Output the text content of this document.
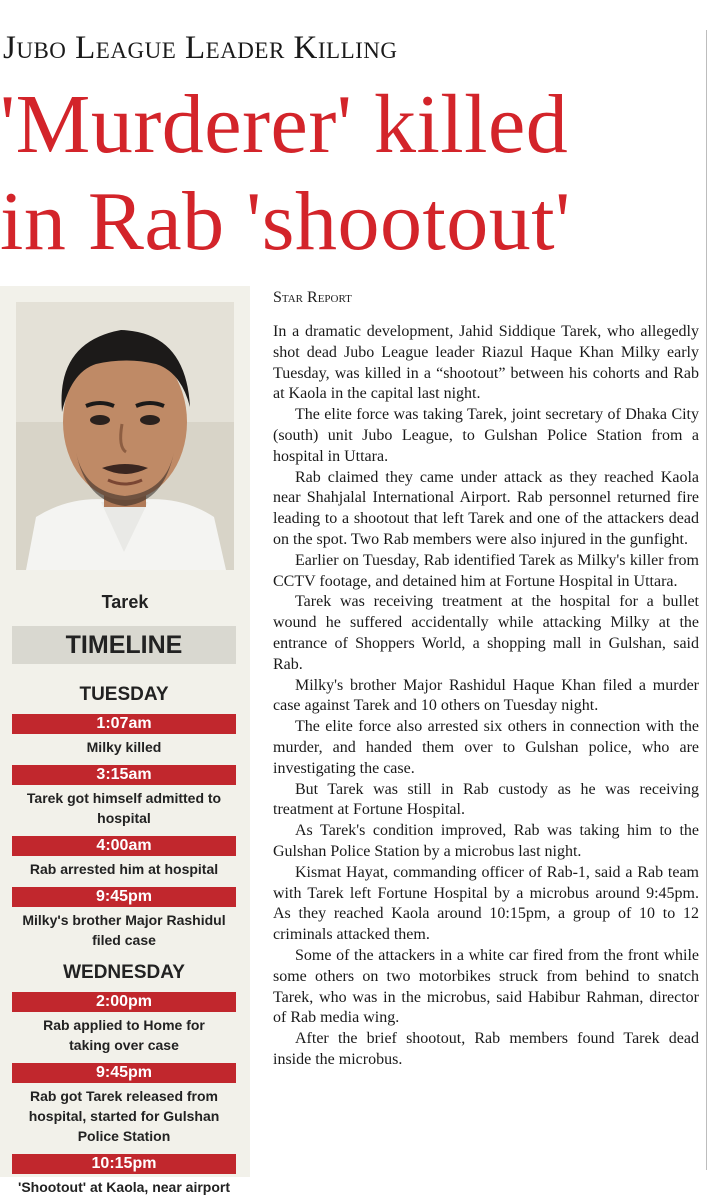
Jubo League Leader Killing
'Murderer' killed
in Rab 'shootout'
Tarek
TIMELINE
TUESDAY
1:07am
Milky killed
3:15am
Tarek got himself admitted to hospital
4:00am
Rab arrested him at hospital
9:45pm
Milky's brother Major Rashidul filed case
WEDNESDAY
2:00pm
Rab applied to Home for taking over case
9:45pm
Rab got Tarek released from hospital, started for Gulshan Police Station
10:15pm
'Shootout' at Kaola, near airport
Star Report

In a dramatic development, Jahid Siddique Tarek, who allegedly shot dead Jubo League leader Riazul Haque Khan Milky early Tuesday, was killed in a “shootout” between his cohorts and Rab at Kaola in the capital last night.

The elite force was taking Tarek, joint secretary of Dhaka City (south) unit Jubo League, to Gulshan Police Station from a hospital in Uttara.

Rab claimed they came under attack as they reached Kaola near Shahjalal International Airport. Rab personnel returned fire leading to a shootout that left Tarek and one of the attackers dead on the spot. Two Rab members were also injured in the gunfight.

Earlier on Tuesday, Rab identified Tarek as Milky's killer from CCTV footage, and detained him at Fortune Hospital in Uttara.

Tarek was receiving treatment at the hospital for a bullet wound he suffered accidentally while attacking Milky at the entrance of Shoppers World, a shopping mall in Gulshan, said Rab.

Milky's brother Major Rashidul Haque Khan filed a murder case against Tarek and 10 others on Tuesday night.

The elite force also arrested six others in connection with the murder, and handed them over to Gulshan police, who are investigating the case.

But Tarek was still in Rab custody as he was receiving treatment at Fortune Hospital.

As Tarek's condition improved, Rab was taking him to the Gulshan Police Station by a microbus last night.

Kismat Hayat, commanding officer of Rab-1, said a Rab team with Tarek left Fortune Hospital by a microbus around 9:45pm. As they reached Kaola around 10:15pm, a group of 10 to 12 criminals attacked them.

Some of the attackers in a white car fired from the front while some others on two motorbikes struck from behind to snatch Tarek, who was in the microbus, said Habibur Rahman, director of Rab media wing.

After the brief shootout, Rab members found Tarek dead inside the microbus.
